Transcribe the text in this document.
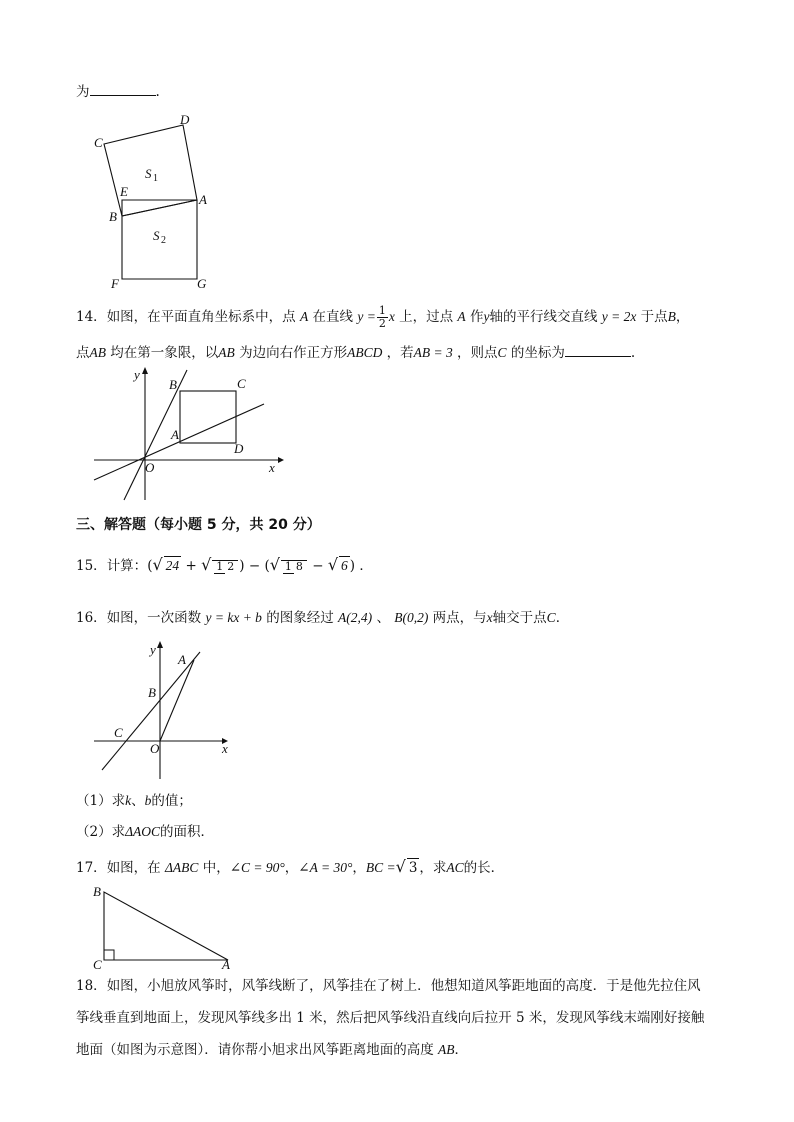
为	.
C
D
S 1
E
A
B
S 2
F	G
14．如图，在平面直角坐标系中，点 A 在直线 $y = \frac{1}{2}$ x 上，过点 A 作y轴的平行线交直线 y = 2x 于点B，
点AB 均在第一象限，以AB 为边向右作正方形ABCD ，若AB = 3 ，则点C 的坐标为	.
y
B	C
A
D
O	x
三、解答题（每小题 5 分，共 20 分）
15．计算：(√ 24 + √ 1 2 ) − (√ 1 8 − √ 6 ) ．
16．如图，一次函数 y = kx + b 的图象经过 A(2,4) 、 B(0,2) 两点，与x轴交于点C．
y
A
B
C
O	x
（1）求k、b的值；
（2）求ΔAOC的面积．
17．如图，在 ΔABC 中，∠C = 90°，∠A = 30°，BC =√ 3 ，求AC的长．
B
C	A
18．如图，小旭放风筝时，风筝线断了，风筝挂在了树上．他想知道风筝距地面的高度．于是他先拉住风
筝线垂直到地面上，发现风筝线多出 1 米，然后把风筝线沿直线向后拉开 5 米，发现风筝线末端刚好接触
地面（如图为示意图）．请你帮小旭求出风筝距离地面的高度 AB．
